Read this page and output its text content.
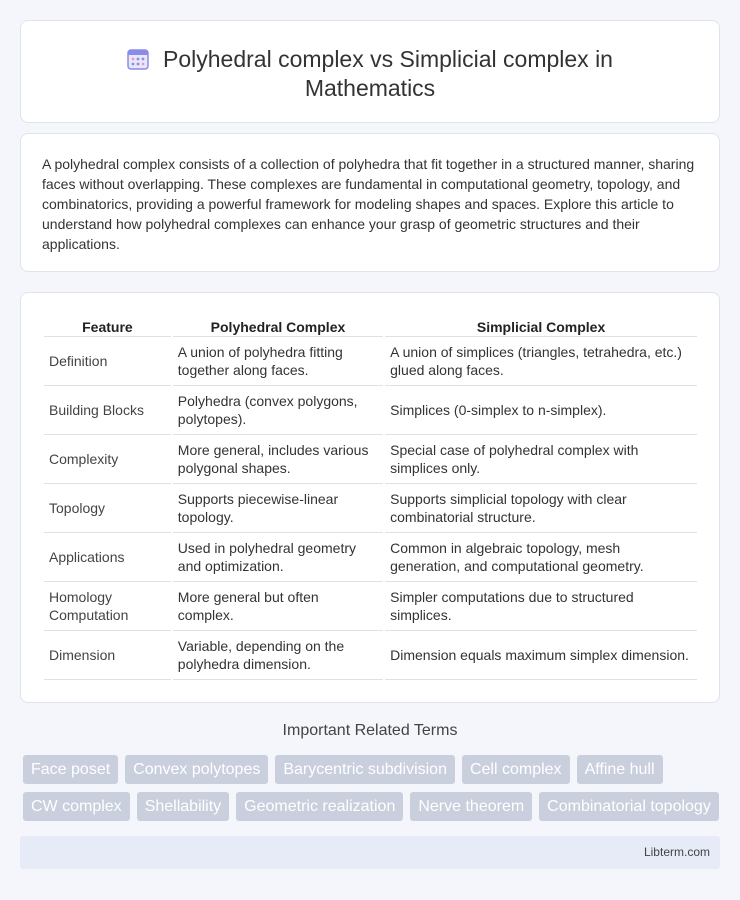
Polyhedral complex vs Simplicial complex in
Mathematics

A polyhedral complex consists of a collection of polyhedra that fit together in a structured manner, sharing faces without overlapping. These complexes are fundamental in computational geometry, topology, and combinatorics, providing a powerful framework for modeling shapes and spaces. Explore this article to understand how polyhedral complexes can enhance your grasp of geometric structures and their applications.

Feature	Polyhedral Complex	Simplicial Complex
Definition	A union of polyhedra fitting together along faces.	A union of simplices (triangles, tetrahedra, etc.) glued along faces.
Building Blocks	Polyhedra (convex polygons, polytopes).	Simplices (0-simplex to n-simplex).
Complexity	More general, includes various polygonal shapes.	Special case of polyhedral complex with simplices only.
Topology	Supports piecewise-linear topology.	Supports simplicial topology with clear combinatorial structure.
Applications	Used in polyhedral geometry and optimization.	Common in algebraic topology, mesh generation, and computational geometry.
Homology Computation	More general but often complex.	Simpler computations due to structured simplices.
Dimension	Variable, depending on the polyhedra dimension.	Dimension equals maximum simplex dimension.
Important Related Terms
Face poset	Convex polytopes	Barycentric subdivision	Cell complex	Affine hull
CW complex	Shellability	Geometric realization	Nerve theorem	Combinatorial topology
Libterm.com
